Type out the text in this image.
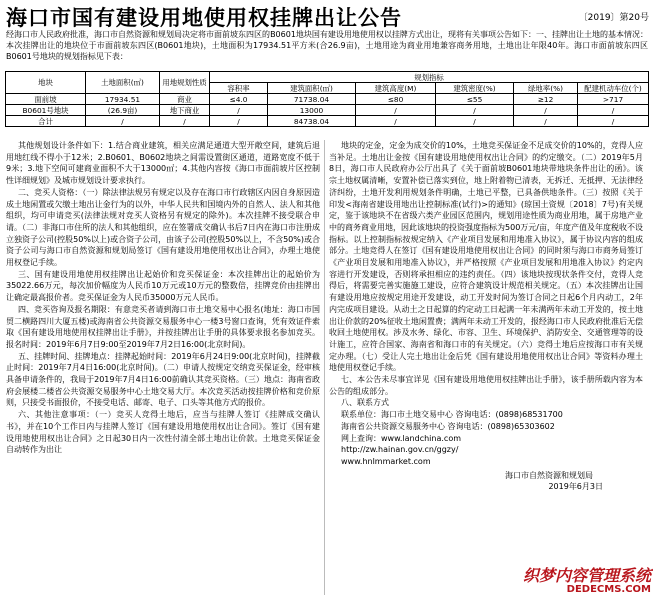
海口市国有建设用地使用权挂牌出让公告	〔2019〕第20号

经海口市人民政府批准，海口市自然资源和规划局决定将市面前坡东四区的B0601地块国有建设用地使用权以挂牌方式出让，现将有关事项公告如下：一、挂牌出让土地的基本情况：本次挂牌出让的地块位于市面前坡东四区(B0601地块)，土地面积为17934.51平方米(合26.9亩)，土地用途为商业用地兼容商务用地，土地出让年限40年。海口市面前坡东四区B0601号地块的规划指标见下表：

地块	土地面积(㎡)	用地规划性质	规划指标					
			容积率	建筑面积(㎡)	建筑高度(M)	建筑密度(%)	绿地率(%)	配建机动车位(个)
面前坡	17934.51	商业	≤4.0	71738.04	≤80	≤55	≥12	>717
B0601号地块	(26.9亩)	地下商业	/	13000	/	/	/	/
合计	/	/	/	84738.04	/	/	/	/

其他规划设计条件如下：1.结合商业建筑，相关应满足通道大型开敞空间，建筑后退用地红线不得小于12米；2.B0601、B0602地块之间需设置街区通道，道路宽度不低于9米；3.地下空间可建商业面积不大于13000㎡；4.其他内容按《海口市面前坡片区控制性详细规划》及城市规划设计要求执行。

二、竞买人资格：（一）除法律法规另有规定以及存在海口市行政辖区内因自身原因造成土地闲置或欠缴土地出让金行为的以外，中华人民共和国境内外的自然人、法人和其他组织，均可申请竞买(法律法规对竞买人资格另有规定的除外)。本次挂牌不接受联合申请。（二）非海口市住所的法人和其他组织，应在签署成交确认书后7日内在海口市注册成立独资子公司(控股50%以上)或合资子公司，由该子公司(控股50%以上，不含50%)或合资子公司与海口市自然资源和规划局签订《国有建设用地使用权出让合同》，办理土地使用权登记手续。

三、国有建设用地使用权挂牌出让起始价和竞买保证金：本次挂牌出让的起始价为35022.66万元，每次加价幅度为人民币10万元或10万元的整数倍，挂牌竞价由挂牌出让确定最高报价者。竞买保证金为人民币35000万元人民币。

四、竞买咨询及报名期限：有意竞买者请到海口市土地交易中心报名(地址：海口市国贸二横路四川大厦五楼)或海南省公共资源交易服务中心一楼3号窗口查询，凭有效证件索取《国有建设用地使用权挂牌出让手册》，并按挂牌出让手册的具体要求报名参加竞买。报名时间：2019年6月7日9:00至2019年7月2日16:00(北京时间)。

五、挂牌时间、挂牌地点：挂牌起始时间：2019年6月24日9:00(北京时间)，挂牌截止时间：2019年7月4日16:00(北京时间)。（二）申请人按规定交纳竞买保证金，经审核具备申请条件的，我局于2019年7月4日16:00前确认其竞买资格。（三）地点：海南省政府会展楼二楼省公共资源交易服务中心土地交易大厅。本次竞买活动按挂牌价格和竞价原则，只接受书面报价，不接受电话、邮寄、电子、口头等其他方式的报价。

六、其他注意事项：（一）竞买人竞得土地后，应当与挂牌人签订《挂牌成交确认书》，并在10个工作日内与挂牌人签订《国有建设用地使用权出让合同》。签订《国有建设用地使用权出让合同》之日起30日内一次性付清全部土地出让价款。土地竞买保证金自动转作为出让

地块的定金，定金为成交价的10%，土地竞买保证金不足成交价的10%的，竞得人应当补足。土地出让金按《国有建设用地使用权出让合同》的约定缴交。（二）2019年5月8日，海口市人民政府办公厅出具了《关于面前坡B0601地块带地块条件出让的函》。该宗土地权属清晰，安置补偿已落实到位，地上附着物已清表，无拆迁、无抵押、无法律经济纠纷，土地开发利用规划条件明确，土地已平整，已具备供地条件。（三）按照《关于印发<海南省建设用地出让控制标准(试行)>的通知》(琼国土资规〔2018〕7号)有关规定，鉴于该地块不在省级六类产业园区范围内，规划用途性质为商业用地，属于房地产业中的商务商业用地，因此该地块的投资强度指标为500万元/亩，年度产值及年度税收不设指标。以上控制指标按规定纳入《产业项目发展和用地准入协议》，属于协议内容的组成部分。土地竞得人在签订《国有建设用地使用权出让合同》的同时须与海口市商务局签订《产业项目发展和用地准入协议》，并严格按照《产业项目发展和用地准入协议》约定内容进行开发建设，否则将承担相应的违约责任。（四）该地块按现状条件交付，竞得人竞得后，将需要完善实施施工建设，应符合建筑设计规范相关规定。（五）本次挂牌出让国有建设用地应按规定用途开发建设，动工开发时间为签订合同之日起6个月内动工，2年内完成项目建设。从动土之日起算的约定动工日起满一年未满两年未动工开发的，按土地出让价款的20%征收土地闲置费；满两年未动工开发的，报经海口市人民政府批准后无偿收回土地使用权。涉及水务、绿化、市容、卫生、环境保护、消防安全、交通管理等的设计施工，应符合国家、海南省和海口市的有关规定。（六）竞得土地后应按海口市有关规定办理。（七）受让人完土地出让金后凭《国有建设用地使用权出让合同》等资料办理土地使用权登记手续。

七、本公告未尽事宜详见《国有建设用地使用权挂牌出让手册》，该手册所载内容为本公告的组成部分。

八、联系方式

联系单位：海口市土地交易中心 咨询电话：(0898)68531700
海南省公共资源交易服务中心 咨询电话：(0898)65303602
网上查询：www.landchina.com
http://zw.hainan.gov.cn/ggzy/
www.hnlmmarket.com
海口市自然资源和规划局
2019年6月3日
织梦内容管理系统
DEDECMS.COM
